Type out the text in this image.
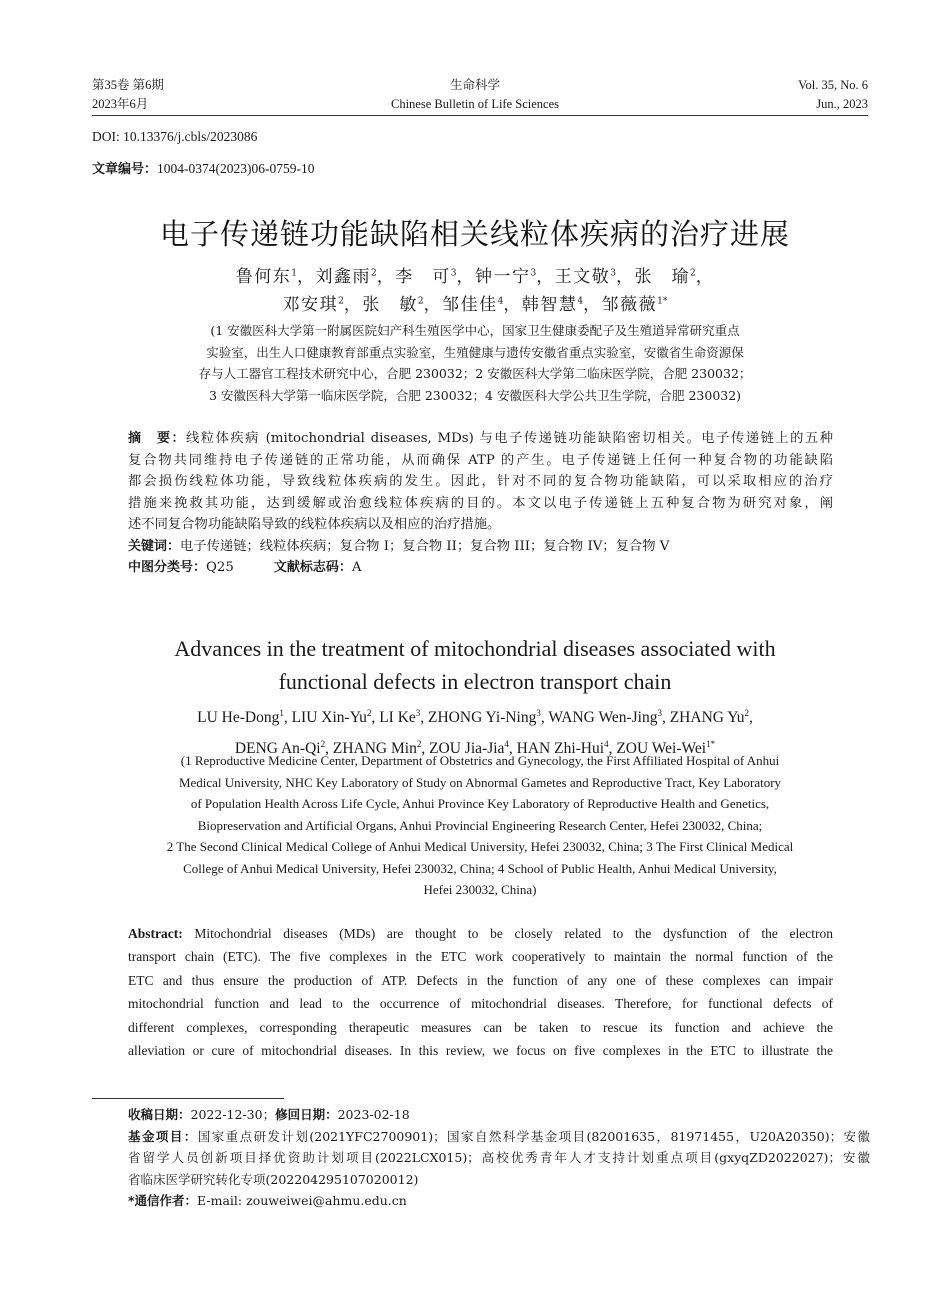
第35卷 第6期
2023年6月
生命科学
Chinese Bulletin of Life Sciences
Vol. 35, No. 6
Jun., 2023
DOI: 10.13376/j.cbls/2023086
文章编号：1004-0374(2023)06-0759-10
电子传递链功能缺陷相关线粒体疾病的治疗进展
鲁何东$^1$，刘鑫雨$^2$，李　可$^3$，钟一宁$^3$，王文敬$^3$，张　瑜$^2$，
邓安琪$^2$，张　敏$^2$，邹佳佳$^4$，韩智慧$^4$，邹薇薇$^{1*}$
(1 安徽医科大学第一附属医院妇产科生殖医学中心，国家卫生健康委配子及生殖道异常研究重点
实验室，出生人口健康教育部重点实验室，生殖健康与遗传安徽省重点实验室，安徽省生命资源保
存与人工器官工程技术研究中心，合肥 230032；2 安徽医科大学第二临床医学院，合肥 230032；
3 安徽医科大学第一临床医学院，合肥 230032；4 安徽医科大学公共卫生学院，合肥 230032)
摘　要：线粒体疾病 (mitochondrial diseases, MDs) 与电子传递链功能缺陷密切相关。电子传递链上的五种
复合物共同维持电子传递链的正常功能，从而确保 ATP 的产生。电子传递链上任何一种复合物的功能缺陷
都会损伤线粒体功能，导致线粒体疾病的发生。因此，针对不同的复合物功能缺陷，可以采取相应的治疗
措施来挽救其功能，达到缓解或治愈线粒体疾病的目的。本文以电子传递链上五种复合物为研究对象，阐
述不同复合物功能缺陷导致的线粒体疾病以及相应的治疗措施。
关键词：电子传递链；线粒体疾病；复合物 I；复合物 II；复合物 III；复合物 IV；复合物 V
中图分类号：Q25	文献标志码：A
Advances in the treatment of mitochondrial diseases associated with
functional defects in electron transport chain
LU He-Dong$^1$, LIU Xin-Yu$^2$, LI Ke$^3$, ZHONG Yi-Ning$^3$, WANG Wen-Jing$^3$, ZHANG Yu$^2$,
DENG An-Qi$^2$, ZHANG Min$^2$, ZOU Jia-Jia$^4$, HAN Zhi-Hui$^4$, ZOU Wei-Wei$^{1*}$
(1 Reproductive Medicine Center, Department of Obstetrics and Gynecology, the First Affiliated Hospital of Anhui
Medical University, NHC Key Laboratory of Study on Abnormal Gametes and Reproductive Tract, Key Laboratory
of Population Health Across Life Cycle, Anhui Province Key Laboratory of Reproductive Health and Genetics,
Biopreservation and Artificial Organs, Anhui Provincial Engineering Research Center, Hefei 230032, China;
2 The Second Clinical Medical College of Anhui Medical University, Hefei 230032, China; 3 The First Clinical Medical
College of Anhui Medical University, Hefei 230032, China; 4 School of Public Health, Anhui Medical University,
Hefei 230032, China)
Abstract: Mitochondrial diseases (MDs) are thought to be closely related to the dysfunction of the electron
transport chain (ETC). The five complexes in the ETC work cooperatively to maintain the normal function of the
ETC and thus ensure the production of ATP. Defects in the function of any one of these complexes can impair
mitochondrial function and lead to the occurrence of mitochondrial diseases. Therefore, for functional defects of
different complexes, corresponding therapeutic measures can be taken to rescue its function and achieve the
alleviation or cure of mitochondrial diseases. In this review, we focus on five complexes in the ETC to illustrate the
收稿日期：2022-12-30；修回日期：2023-02-18
基金项目：国家重点研发计划(2021YFC2700901)；国家自然科学基金项目(82001635，81971455，U20A20350)；安徽
省留学人员创新项目择优资助计划项目(2022LCX015)；高校优秀青年人才支持计划重点项目(gxyqZD2022027)；安徽
省临床医学研究转化专项(202204295107020012)
*通信作者：E-mail: zouweiwei@ahmu.edu.cn
